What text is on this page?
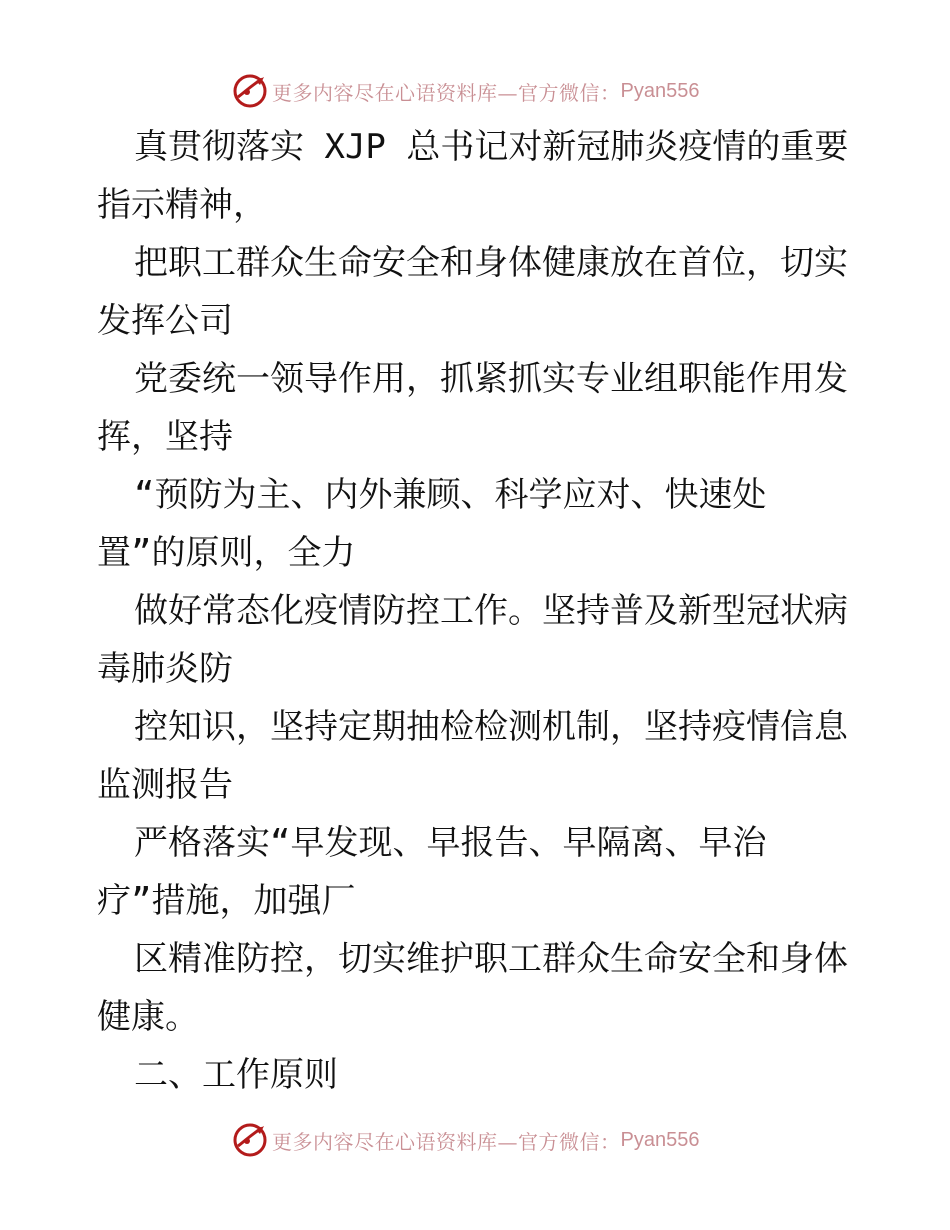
更多内容尽在心语资料库—官方微信： Pyan556
真贯彻落实 XJP 总书记对新冠肺炎疫情的重要
指示精神，
把职工群众生命安全和身体健康放在首位，切实
发挥公司
党委统一领导作用，抓紧抓实专业组职能作用发
挥，坚持
“预防为主、内外兼顾、科学应对、快速处
置”的原则，全力
做好常态化疫情防控工作。坚持普及新型冠状病
毒肺炎防
控知识，坚持定期抽检检测机制，坚持疫情信息
监测报告
严格落实“早发现、早报告、早隔离、早治
疗”措施，加强厂
区精准防控，切实维护职工群众生命安全和身体
健康。
二、工作原则
更多内容尽在心语资料库—官方微信： Pyan556
